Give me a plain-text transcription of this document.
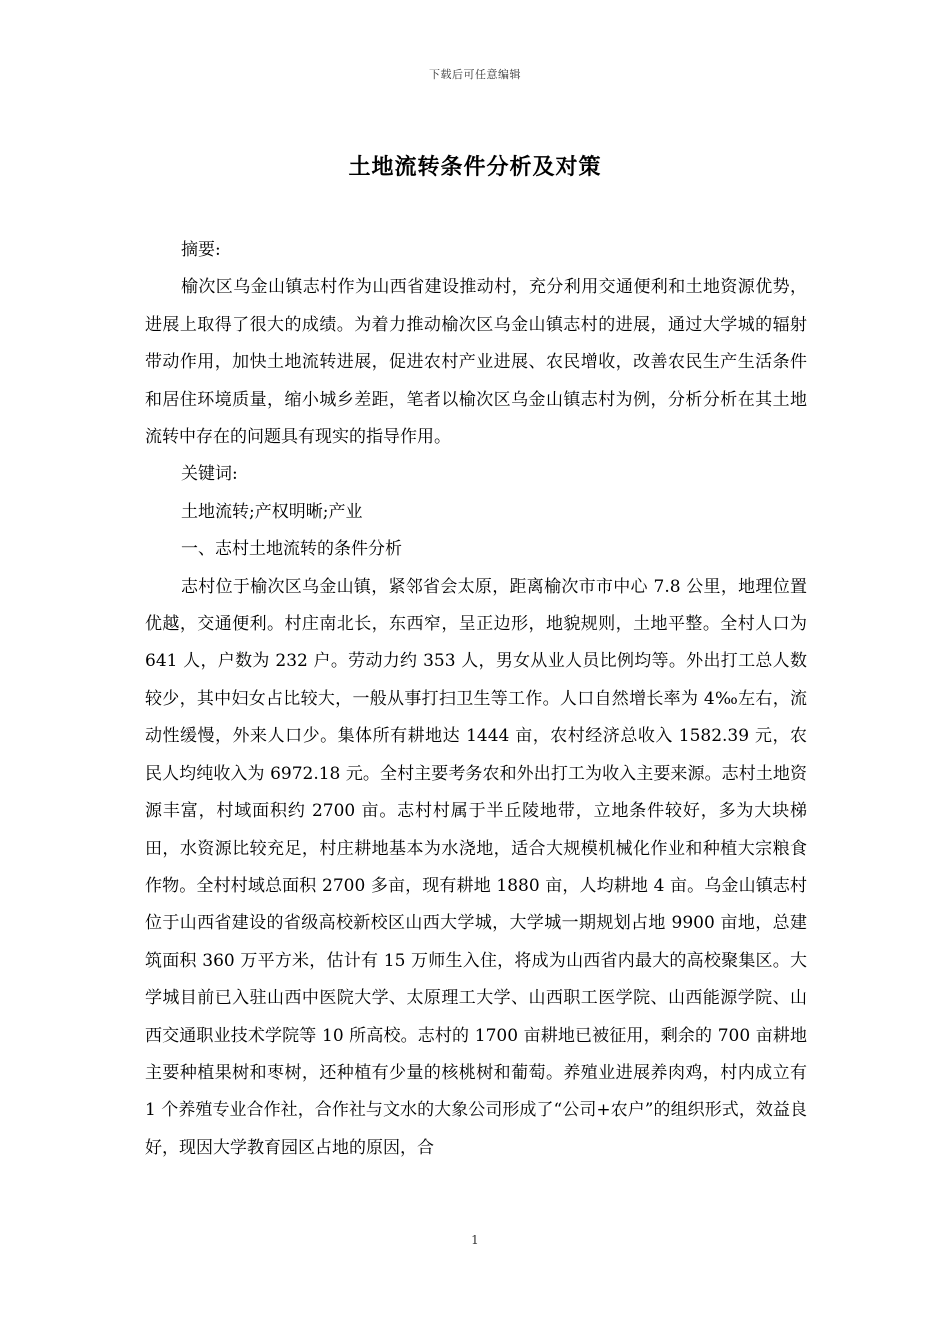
下载后可任意编辑
土地流转条件分析及对策

摘要:

榆次区乌金山镇志村作为山西省建设推动村，充分利用交通便利和土地资源优势，进展上取得了很大的成绩。为着力推动榆次区乌金山镇志村的进展，通过大学城的辐射带动作用，加快土地流转进展，促进农村产业进展、农民增收，改善农民生产生活条件和居住环境质量，缩小城乡差距，笔者以榆次区乌金山镇志村为例，分析分析在其土地流转中存在的问题具有现实的指导作用。

关键词:

土地流转;产权明晰;产业

一、志村土地流转的条件分析

志村位于榆次区乌金山镇，紧邻省会太原，距离榆次市市中心 7.8 公里，地理位置优越，交通便利。村庄南北长，东西窄，呈正边形，地貌规则，土地平整。全村人口为 641 人，户数为 232 户。劳动力约 353 人，男女从业人员比例均等。外出打工总人数较少，其中妇女占比较大，一般从事打扫卫生等工作。人口自然增长率为 4‰左右，流动性缓慢，外来人口少。集体所有耕地达 1444 亩，农村经济总收入 1582.39 元，农民人均纯收入为 6972.18 元。全村主要考务农和外出打工为收入主要来源。志村土地资源丰富，村域面积约 2700 亩。志村村属于半丘陵地带，立地条件较好，多为大块梯田，水资源比较充足，村庄耕地基本为水浇地，适合大规模机械化作业和种植大宗粮食作物。全村村域总面积 2700 多亩，现有耕地 1880 亩，人均耕地 4 亩。乌金山镇志村位于山西省建设的省级高校新校区山西大学城，大学城一期规划占地 9900 亩地，总建筑面积 360 万平方米，估计有 15 万师生入住，将成为山西省内最大的高校聚集区。大学城目前已入驻山西中医院大学、太原理工大学、山西职工医学院、山西能源学院、山西交通职业技术学院等 10 所高校。志村的 1700 亩耕地已被征用，剩余的 700 亩耕地主要种植果树和枣树，还种植有少量的核桃树和葡萄。养殖业进展养肉鸡，村内成立有 1 个养殖专业合作社，合作社与文水的大象公司形成了“公司+农户”的组织形式，效益良好，现因大学教育园区占地的原因，合

1
